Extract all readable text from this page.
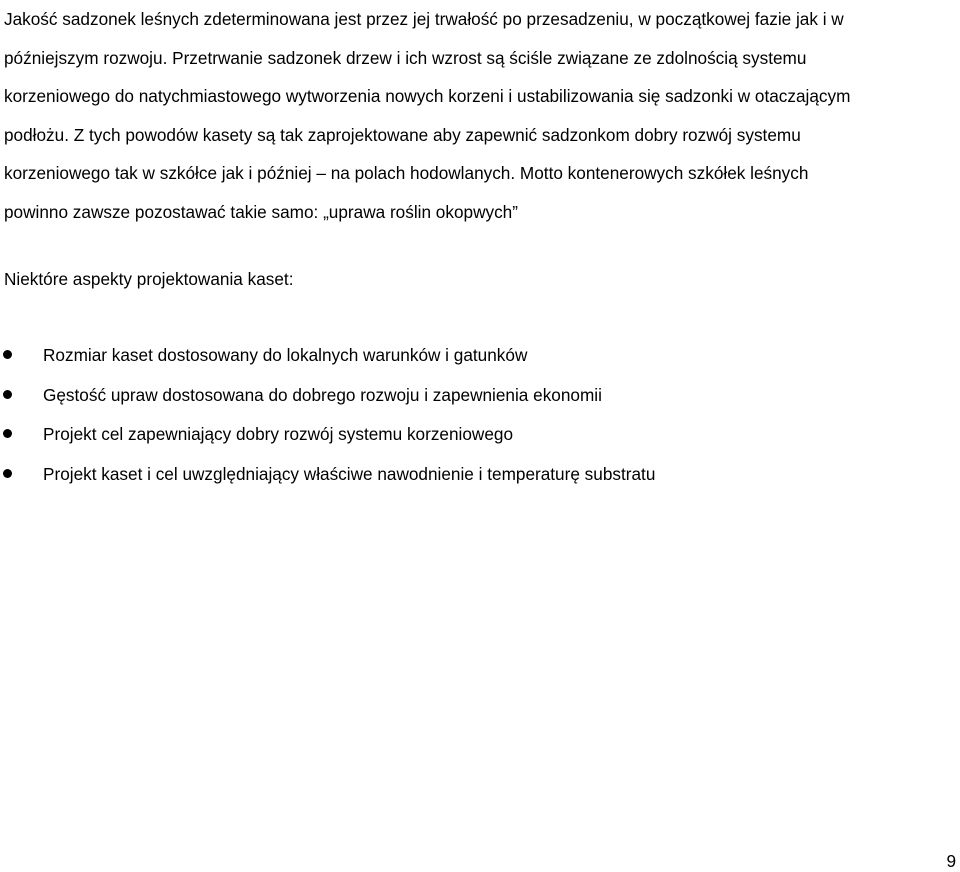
Jakość sadzonek leśnych zdeterminowana jest przez jej trwałość po przesadzeniu, w początkowej fazie jak i w
późniejszym rozwoju. Przetrwanie sadzonek drzew i ich wzrost są ściśle związane ze zdolnością systemu
korzeniowego do natychmiastowego wytworzenia nowych korzeni i ustabilizowania się sadzonki w otaczającym
podłożu. Z tych powodów kasety są tak zaprojektowane aby zapewnić sadzonkom dobry rozwój systemu
korzeniowego tak w szkółce jak i później – na polach hodowlanych. Motto kontenerowych szkółek leśnych
powinno zawsze pozostawać takie samo: „uprawa roślin okopwych”

Niektóre aspekty projektowania kaset:

Rozmiar kaset dostosowany do lokalnych warunków i gatunków
Gęstość upraw dostosowana do dobrego rozwoju i zapewnienia ekonomii
Projekt cel zapewniający dobry rozwój systemu korzeniowego
Projekt kaset i cel uwzględniający właściwe nawodnienie i temperaturę substratu
9
